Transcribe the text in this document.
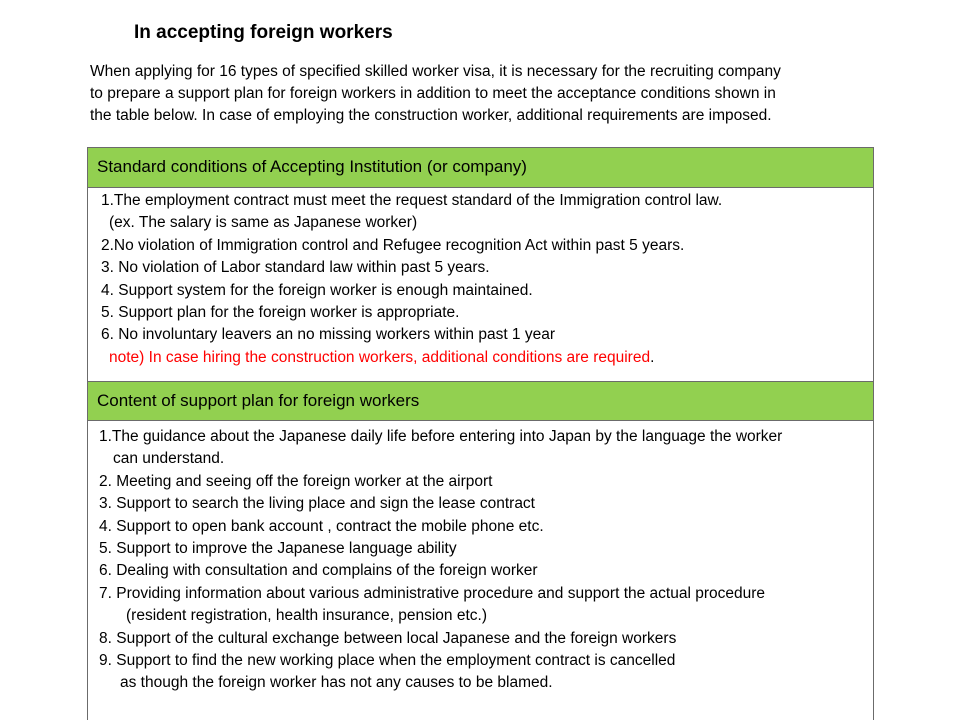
In accepting foreign workers
When applying for 16 types of specified skilled worker visa, it is necessary for the recruiting company
to prepare a support plan for foreign workers in addition to meet the acceptance conditions shown in
the table below. In case of employing the construction worker, additional requirements are imposed.
Standard conditions of Accepting Institution (or company)
1.The employment contract must meet the request standard of the Immigration control law.
(ex. The salary is same as Japanese worker)
2.No violation of Immigration control and Refugee recognition Act within past 5 years.
3. No violation of Labor standard law within past 5 years.
4. Support system for the foreign worker is enough maintained.
5. Support plan for the foreign worker is appropriate.
6. No involuntary leavers an no missing workers within past 1 year
note) In case hiring the construction workers, additional conditions are required.
Content of support plan for foreign workers
1.The guidance about the Japanese daily life before entering into Japan by the language the worker
can understand.
2. Meeting and seeing off the foreign worker at the airport
3. Support to search the living place and sign the lease contract
4. Support to open bank account , contract the mobile phone etc.
5. Support to improve the Japanese language ability
6. Dealing with consultation and complains of the foreign worker
7. Providing information about various administrative procedure and support the actual procedure
(resident registration, health insurance, pension etc.)
8. Support of the cultural exchange between local Japanese and the foreign workers
9. Support to find the new working place when the employment contract is cancelled
as though the foreign worker has not any causes to be blamed.
